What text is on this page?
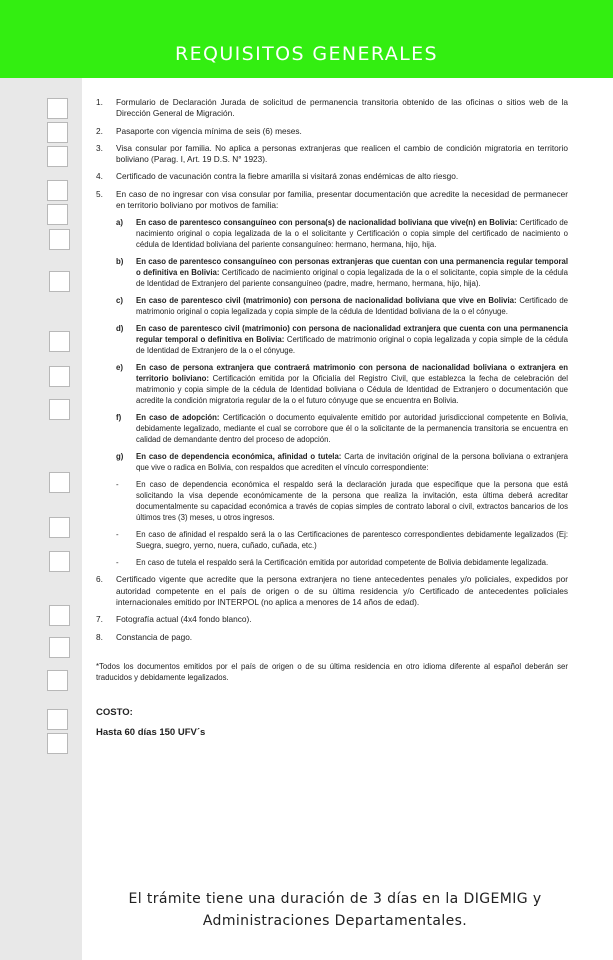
REQUISITOS GENERALES
1.	Formulario de Declaración Jurada de solicitud de permanencia transitoria obtenido de las oficinas o sitios web de la Dirección General de Migración.
2.	Pasaporte con vigencia mínima de seis (6) meses.
3.	Visa consular por familia. No aplica a personas extranjeras que realicen el cambio de condición migratoria en territorio boliviano (Parag. I, Art. 19 D.S. N° 1923).
4.	Certificado de vacunación contra la fiebre amarilla si visitará zonas endémicas de alto riesgo.
5.	En caso de no ingresar con visa consular por familia, presentar documentación que acredite la necesidad de permanecer en territorio boliviano por motivos de familia:
a)	En caso de parentesco consanguíneo con persona(s) de nacionalidad boliviana que vive(n) en Bolivia: Certificado de nacimiento original o copia legalizada de la o el solicitante y Certificación o copia simple del certificado de nacimiento o cédula de Identidad boliviana del pariente consanguíneo: hermano, hermana, hijo, hija.
b)	En caso de parentesco consanguíneo con personas extranjeras que cuentan con una permanencia regular temporal o definitiva en Bolivia: Certificado de nacimiento original o copia legalizada de la o el solicitante, copia simple de la cédula de Identidad de Extranjero del pariente consanguíneo (padre, madre, hermano, hermana, hijo, hija).
c)	En caso de parentesco civil (matrimonio) con persona de nacionalidad boliviana que vive en Bolivia: Certificado de matrimonio original o copia legalizada y copia simple de la cédula de Identidad boliviana de la o el cónyuge.
d)	En caso de parentesco civil (matrimonio) con persona de nacionalidad extranjera que cuenta con una permanencia regular temporal o definitiva en Bolivia: Certificado de matrimonio original o copia legalizada y copia simple de la cédula de Identidad de Extranjero de la o el cónyuge.
e)	En caso de persona extranjera que contraerá matrimonio con persona de nacionalidad boliviana o extranjera en territorio boliviano: Certificación emitida por la Oficialía del Registro Civil, que establezca la fecha de celebración del matrimonio y copia simple de la cédula de Identidad boliviana o Cédula de Identidad de Extranjero o documentación que acredite la condición migratoria regular de la o el futuro cónyuge que se encuentra en Bolivia.
f)	En caso de adopción: Certificación o documento equivalente emitido por autoridad jurisdiccional competente en Bolivia, debidamente legalizado, mediante el cual se corrobore que él o la solicitante de la permanencia transitoria se encuentra en calidad de demandante dentro del proceso de adopción.
g)	En caso de dependencia económica, afinidad o tutela: Carta de invitación original de la persona boliviana o extranjera que vive o radica en Bolivia, con respaldos que acrediten el vínculo correspondiente:
-	En caso de dependencia económica el respaldo será la declaración jurada que especifique que la persona que está solicitando la visa depende económicamente de la persona que realiza la invitación, esta última deberá acreditar documentalmente su capacidad económica a través de copias simples de contrato laboral o civil, extractos bancarios de los últimos tres (3) meses, u otros ingresos.
-	En caso de afinidad el respaldo será la o las Certificaciones de parentesco correspondientes debidamente legalizados (Ej: Suegra, suegro, yerno, nuera, cuñado, cuñada, etc.)
-	En caso de tutela el respaldo será la Certificación emitida por autoridad competente de Bolivia debidamente legalizada.
6.	Certificado vigente que acredite que la persona extranjera no tiene antecedentes penales y/o policiales, expedidos por autoridad competente en el país de origen o de su última residencia y/o Certificado de antecedentes policiales internacionales emitido por INTERPOL (no aplica a menores de 14 años de edad).
7.	Fotografía actual (4x4 fondo blanco).
8.	Constancia de pago.
*Todos los documentos emitidos por el país de origen o de su última residencia en otro idioma diferente al español deberán ser traducidos y debidamente legalizados.
COSTO:
Hasta 60 días 150 UFV´s
El trámite tiene una duración de 3 días en la DIGEMIG y
Administraciones Departamentales.
